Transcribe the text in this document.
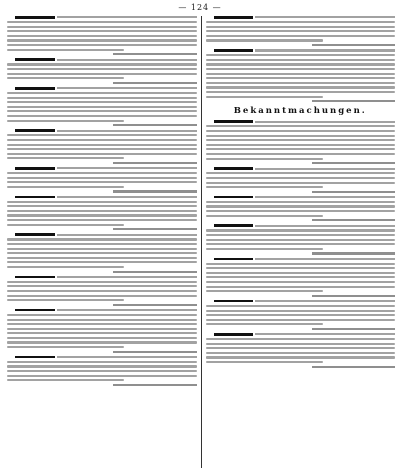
— 124 —
Bekanntmachungen.
